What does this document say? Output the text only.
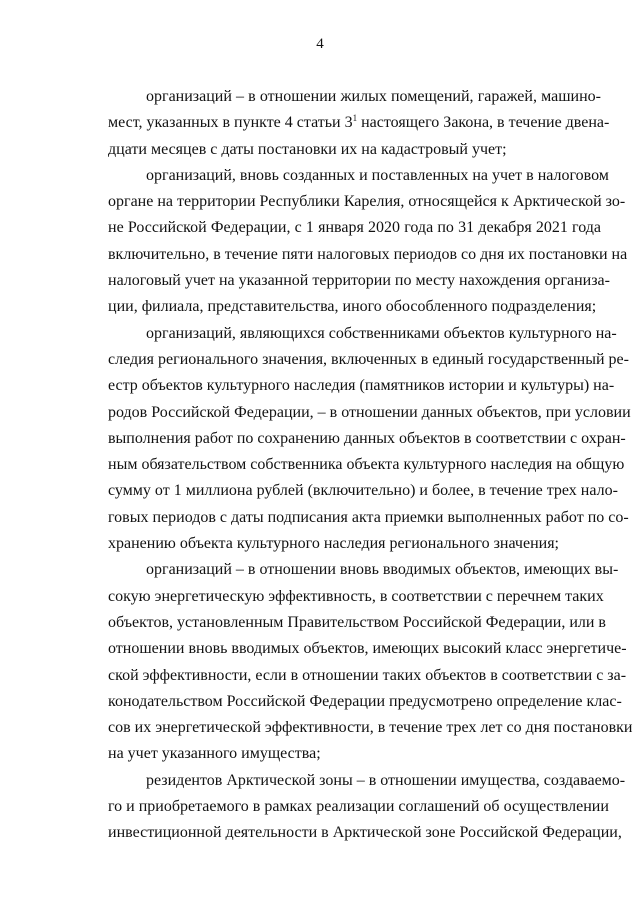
4
организаций – в отношении жилых помещений, гаражей, машино-
мест, указанных в пункте 4 статьи $3^1$ настоящего Закона, в течение двена-
дцати месяцев с даты постановки их на кадастровый учет;
организаций, вновь созданных и поставленных на учет в налоговом
органе на территории Республики Карелия, относящейся к Арктической зо-
не Российской Федерации, с 1 января 2020 года по 31 декабря 2021 года
включительно, в течение пяти налоговых периодов со дня их постановки на
налоговый учет на указанной территории по месту нахождения организа-
ции, филиала, представительства, иного обособленного подразделения;
организаций, являющихся собственниками объектов культурного на-
следия регионального значения, включенных в единый государственный ре-
естр объектов культурного наследия (памятников истории и культуры) на-
родов Российской Федерации, – в отношении данных объектов, при условии
выполнения работ по сохранению данных объектов в соответствии с охран-
ным обязательством собственника объекта культурного наследия на общую
сумму от 1 миллиона рублей (включительно) и более, в течение трех нало-
говых периодов с даты подписания акта приемки выполненных работ по со-
хранению объекта культурного наследия регионального значения;
организаций – в отношении вновь вводимых объектов, имеющих вы-
сокую энергетическую эффективность, в соответствии с перечнем таких
объектов, установленным Правительством Российской Федерации, или в
отношении вновь вводимых объектов, имеющих высокий класс энергетиче-
ской эффективности, если в отношении таких объектов в соответствии с за-
конодательством Российской Федерации предусмотрено определение клас-
сов их энергетической эффективности, в течение трех лет со дня постановки
на учет указанного имущества;
резидентов Арктической зоны – в отношении имущества, создаваемо-
го и приобретаемого в рамках реализации соглашений об осуществлении
инвестиционной деятельности в Арктической зоне Российской Федерации,
